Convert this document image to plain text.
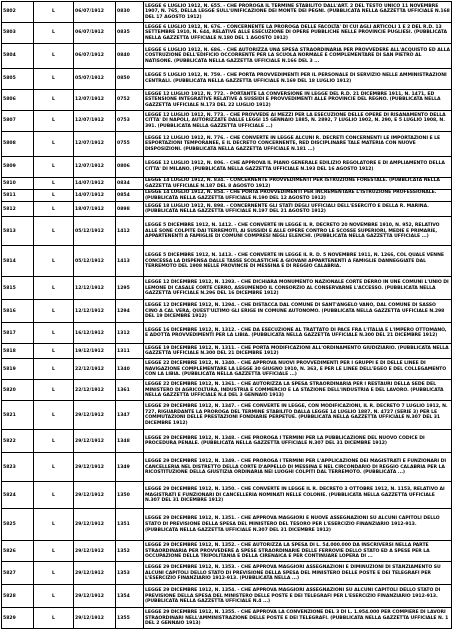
5802	L	06/07/1912	0830	LEGGE 6 LUGLIO 1912, N. 655. - CHE PROROGA IL TERMINE STABILITO DALL'ART. 2 DEL TESTO UNICO 11 NOVEMBRE 1907, N. 765, DELLA LEGGE SULL'UNIFICAZIONE DEI MONTE DEI PEGNI. (PUBBLICATA NELLA GAZZETTA UFFICIALE N.168 DEL 17 AGOSTO 1912)
5803	L	06/07/1912	0835	LEGGE 6 LUGLIO 1912, N. 676. - CONCERNENTE LA PROROGA DELLE FACOLTA' DI CUI AGLI ARTICOLI 1 E 2 DEL R.D. 13 SETTEMBRE 1910, N. 644, RELATIVE ALLE ESECUZIONE DI OPERE PUBBLICHE NELLE PROVINCIE PUGLIESI. (PUBBLICATA NELLA GAZZETTA UFFICIALE N.180 DEL 1 AGOSTO 1912)
5804	L	06/07/1912	0840	LEGGE 6 LUGLIO 1912, N. 686. - CHE AUTORIZZA UNA SPESA STRAORDINARIA PER PROVVEDERE ALL'ACQUISTO ED ALLA COSTRUZIONE DELL'EDIFICIO OCCORRENTE PER LA SCUOLA NORMALE E COMPLEMENTARE DI SAN PIETRO AL NATISONE. (PUBBLICATA NELLA GAZZETTA UFFICIALE N.166 DEL 3 ...
5805	L	05/07/1912	0850	LEGGE 5 LUGLIO 1912, N. 759. - CHE PORTA PROVVEDIMENTI PER IL PERSONALE DI SERVIZIO NELLE AMMINISTRAZIONI CENTRALI. (PUBBLICATA NELLA GAZZETTA UFFICIALE N.169 DEL 18 LUGLIO 1912)
5806	L	12/07/1912	0752	LEGGE 12 LUGLIO 1912, N. 772. - PORTANTE LA CONVERSIONE IN LEGGE DEL R.D. 21 DICEMBRE 1911, N. 1471, ED ESTENSIONE INTEGRATIVE RELATIVE A SUSSIDI E PROVVEDIMENTI ALLE PROVINCIE DEL REGNO. (PUBBLICATA NELLA GAZZETTA UFFICIALE N.173 DEL 22 LUGLIO 1912)
5807	L	12/07/1912	0753	LEGGE 12 LUGLIO 1912, N. 773. - CHE PROVVEDE AI MEZZI PER LA ESECUZIONE DELLE OPERE DI RISANAMENTO DELLA CITTA' DI NAPOLI, AUTORIZZATE DALLE LEGGI 15 GENNAIO 1885, N. 2892, 7 LUGLIO 1902, N. 290, E 5 LUGLIO 1908, N. 391. (PUBBLICATA NELLA GAZZETTA UFFICIALE ...)
5808	L	12/07/1912	0755	LEGGE 12 LUGLIO 1912, N. 776. - CHE CONVERTE IN LEGGE ALCUNI R. DECRETI CONCERNENTI LE IMPORTAZIONI E LE ESPORTAZIONI TEMPORANEE, E IL DECRETO CONCERNENTE, RED DISCIPLINARE TALE MATERIA CON NUOVE DISPOSIZIONI. (PUBBLICATA NELLA GAZZETTA UFFICIALE N.181 ...)
5809	L	12/07/1912	0806	LEGGE 12 LUGLIO 1912, N. 806. - CHE APPROVA IL PIANO GENERALE EDILIZIO REGOLATORE E DI AMPLIAMENTO DELLA CITTA' DI MILANO. (PUBBLICATA NELLA GAZZETTA UFFICIALE N.193 DEL 16 AGOSTO 1912)
5810	L	14/07/1912	0834	LEGGE 14 LUGLIO 1912, N. 834. - CONCERNENTE PROVVEDIMENTI PER ISTRUZIONE FORESTALE. (PUBBLICATA NELLA GAZZETTA UFFICIALE N.187 DEL 8 AGOSTO 1912)
5811	L	14/07/1912	0854	LEGGE 14 LUGLIO 1912, N. 854. - CHE PORTA PROVVEDIMENTI PER INCREMENTARE L'ISTRUZIONE PROFESSIONALE. (PUBBLICATA NELLA GAZZETTA UFFICIALE N.190 DEL 12 AGOSTO 1912)
5812	L	18/07/1912	0898	LEGGE 18 LUGLIO 1912, N. 898. - CONCERNENTE GLI STATI DEGLI UFFICIALI DELL'ESERCITO E DELLA R. MARINA. (PUBBLICATA NELLA GAZZETTA UFFICIALE N.197 DEL 21 AGOSTO 1912)
5813	L	05/12/1912	1412	LEGGE 5 DICEMBRE 1912, N. 1412. - CHE CONVERTE IN LEGGE IL R. DECRETO 20 NOVEMBRE 1910, N. 952, RELATIVO ALLE SONE COLPITE DAI TERREMOTI, AI SUSSIDI E ALLE OPERE CONTRO LE SCOSSE SUPERIORI, MEDIE E PRIMARIE, APPARTENENTI A FAMIGLIE DI COMUNI COMPRESI NEGLI ELENCHI. (PUBBLICATA NELLA GAZZETTA UFFICIALE ...)
5814	L	05/12/1912	1413	LEGGE 5 DICEMBRE 1912, N. 1413. - CHE CONVERTE IN LEGGE IL R. D. 5 NOVEMBRE 1911, N. 1266, COL QUALE VENNE CONCESSA LA DISPENSA DALLE TASSE SCOLASTICHE A GIOVANI APPARTENENTI A FAMIGLIE DANNEGGIATE DAL TERREMOTO DEL 1908 NELLE PROVINCIE DI MESSINA E DI REGGIO CALABRIA.
5815	L	12/12/1912	1295	LEGGE 12 DICEMBRE 1912, N. 1293. - CHE DICHIARA MONUMENTO NAZIONALE CORTE DERRO IN UNE COMUNI L'UNIO DI LEMONE DI CASALE CORTE CERRO, ASSUMENDO IL CONSORZIO AL CONSERVARNE L'ACCESSO. (PUBBLICATA NELLA GAZZETTA UFFICIALE N.296 DEL 16 DICEMBRE 1912)
5816	L	12/12/1912	1294	LEGGE 12 DICEMBRE 1912, N. 1294. - CHE DISTACCA DAL COMUNE DI SANT'ANGELO VANO, DAL COMUNE DI SASSO CINO A CAL VERA, QUEST'ULTIMO GLI ERIGE IN COMUNE AUTONOMO. (PUBBLICATA NELLA GAZZETTA UFFICIALE N.298 DEL 19 DICEMBRE 1912)
5817	L	16/12/1912	1312	LEGGE 16 DICEMBRE 1912, N. 1312. - CHE DA ESECUZIONE AL TRATTATO DI PACE FRA L'ITALIA E L'IMPERO OTTOMANO, E ADOTTA PROVVEDIMENTI PER LA LIBIA. (PUBBLICATA NELLA GAZZETTA UFFICIALE N.300 DEL 21 DICEMBRE 1912)
5818	L	19/12/1912	1311	LEGGE 19 DICEMBRE 1912, N. 1311. - CHE PORTA MODIFICAZIONI ALL'ORDINAMENTO GIUDIZIARIO. (PUBBLICATA NELLA GAZZETTA UFFICIALE N.300 DEL 21 DICEMBRE 1912)
5819	L	22/12/1912	1340	LEGGE 22 DICEMBRE 1912, N. 1340. - CHE APPROVA NUOVI PROVVEDIMENTI PER I GRUPPI E DI DELLE LINEE DI NAVIGAZIONE COMPLEMENTARE LA LEGGE 30 GIUGNO 1910, N. 363, E PER LE LINEE DELL'EGEO E DEL COLLEGAMENTO CON LA LIBIA. (PUBBLICATA NELLA GAZZETTA UFFICIALE ...)
5820	L	22/12/1912	1361	LEGGE 22 DICEMBRE 1912, N. 1361. - CHE AUTORIZZA LA SPESA STRAORDINARIA PER I RESTAURI DELLA SEDE DEL MINISTERO DI AGRICOLTURA, INDUSTRIA E COMMERCIO E LA STAZIONE DELL'INDUSTRIA E DEL LAVORO. (PUBBLICATA NELLA GAZZETTA UFFICIALE N.4 DEL 3 GENNAIO 1913)
5821	L	29/12/1912	1347	LEGGE 29 DICEMBRE 1912, N. 1347. - CHE CONVERTE IN LEGGE, CON MODIFICAZIONI, IL R. DECRETO 7 LUGLIO 1912, N. 727, RIGUARDANTE LA PROROGA DEL TERMINE STABILITO DALLA LEGGE 14 LUGLIO 1887, N. 4727 (SERIE 3) PER LE COMMUTAZIONI DELLE PRESTAZIONI FONDIARIE PERPETUE. (PUBBLICATA NELLA GAZZETTA UFFICIALE N.307 DEL 31 DICEMBRE 1912)
5822	L	29/12/1912	1348	LEGGE 29 DICEMBRE 1912, N. 1348. - CHE PROROGA I TERMINI PER LA PUBBLICAZIONE DEL NUOVO CODICE DI PROCEDURA PENALE. (PUBBLICATA NELLA GAZZETTA UFFICIALE N.307 DEL 31 DICEMBRE 1912)
5823	L	29/12/1912	1349	LEGGE 29 DICEMBRE 1912, N. 1349. - CHE PROROGA I TERMINI PER L'APPLICAZIONE DEI MAGISTRATI E FUNZIONARI DI CANCELLERIA NEL DISTRETTO DELLA CORTE D'APPELLO DI MESSINA E NEL CIRCONDARIO DI REGGIO CALABRIA PER LA RICOSTITUZIONE DELLA GIUSTIZIA ORDINARIA NEI LUOGHI COLPITI DAL TERREMOTO. (PUBBLICATA ...)
5824	L	29/12/1912	1350	LEGGE 29 DICEMBRE 1912, N. 1350. - CHE CONVERTE IN LEGGE IL R. DECRETO 3 OTTOBRE 1912, N. 1153, RELATIVO AI MAGISTRATI E FUNZIONARI DI CANCELLERIA NOMINATI NELLE COLONIE. (PUBBLICATA NELLA GAZZETTA UFFICIALE N.307 DEL 31 DICEMBRE 1912)
5825	L	29/12/1912	1351	LEGGE 29 DICEMBRE 1912, N. 1351. - CHE APPROVA MAGGIORI E NUOVE ASSEGNAZIONI SU ALCUNI CAPITOLI DELLO STATO DI PREVISIONE DELLA SPESA DEL MINISTERO DEL TESORO PER L'ESERCIZIO FINANZIARIO 1912-913. (PUBBLICATA NELLA GAZZETTA UFFICIALE N.307 DEL 31 DICEMBRE 1912)
5826	L	29/12/1912	1352	LEGGE 29 DICEMBRE 1912, N. 1352. - CHE AUTORIZZA LA SPESA DI L. 54.000.000 DA INSCRIVERSI NELLA PARTE STRAORDINARIA PER PROVVEDERE A SPESE STRAORDINARIE DELLE FERROVIE DELLO STATO ED A SPESE PER LA OCCUPAZIONE DELLA TRIPOLITANIA E DELLA CIRENAICA E PER CONTINUARE LOPERA DI ...
5827	L	29/12/1912	1353	LEGGE 29 DICEMBRE 1912, N. 1353. - CHE APPROVA MAGGIORI ASSEGNAZIONI E DIMINUZIONI DI STANZIAMENTO SU ALCUNI CAPITOLI DELLO STATO DI PREVISIONE DELLA SPESA DEL MINISTERO DELLE POSTE E DEI TELEGRAFI PER L'ESERCIZIO FINANZIARIO 1912-913. (PUBBLICATA NELLA ...)
5828	L	29/12/1912	1354	LEGGE 29 DICEMBRE 1912, N. 1354. - CHE APPROVA MAGGIORI ASSEGNAZIONI SU ALCUNI CAPITOLI DELLO STATO DI PREVISIONE DELLA SPESA DEL MINISTERO DELLE POSTE E DEI TELEGRAFI PER L'ESERCIZIO FINANZIARIO 1912-913. (PUBBLICATA NELLA GAZZETTA UFFICIALE N.4 ...)
5829	L	29/12/1912	1355	LEGGE 29 DICEMBRE 1912, N. 1355. - CHE APPROVA LA CONVENZIONE DEL 3 DI L. 1.954.000 PER COMPIERE DI LAVORI STRAORDINARI NELL'AMMINISTRAZIONE DELLE POSTE E DEI TELEGRAFI. (PUBBLICATA NELLA GAZZETTA UFFICIALE N. 1 DEL 2 GENNAIO 1913)
